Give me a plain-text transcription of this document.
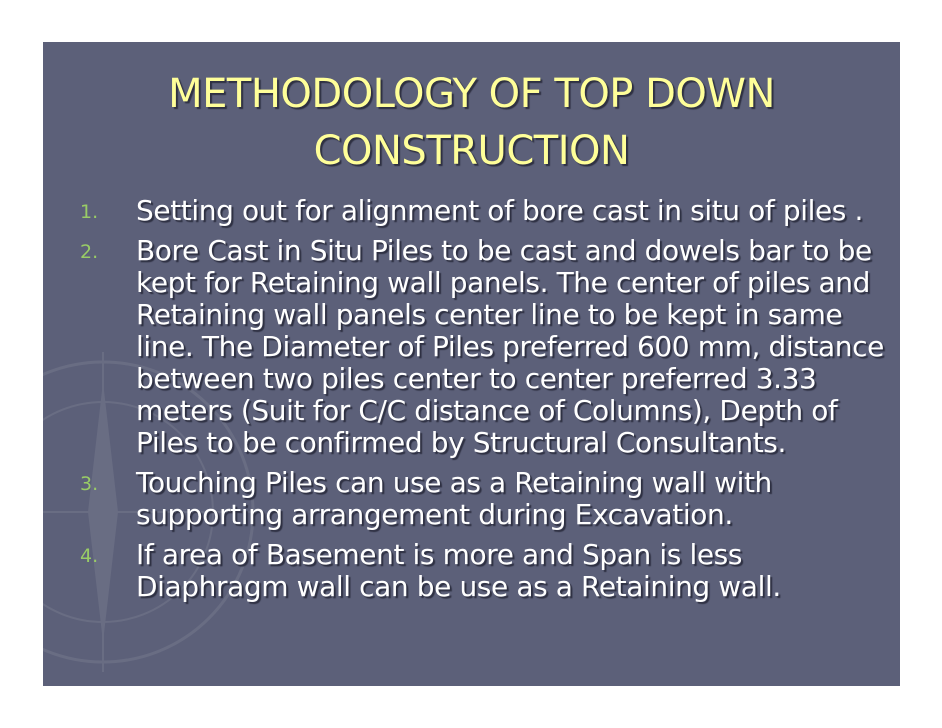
METHODOLOGY OF TOP DOWN
CONSTRUCTION
1. Setting out for alignment of bore cast in situ of piles .
2. Bore Cast in Situ Piles to be cast and dowels bar to be kept for Retaining wall panels. The center of piles and Retaining wall panels center line to be kept in same line. The Diameter of Piles preferred 600 mm, distance between two piles center to center preferred 3.33 meters (Suit for C/C distance of Columns), Depth of Piles to be confirmed by Structural Consultants.
3. Touching Piles can use as a Retaining wall with supporting arrangement during Excavation.
4. If area of Basement is more and Span is less Diaphragm wall can be use as a Retaining wall.
